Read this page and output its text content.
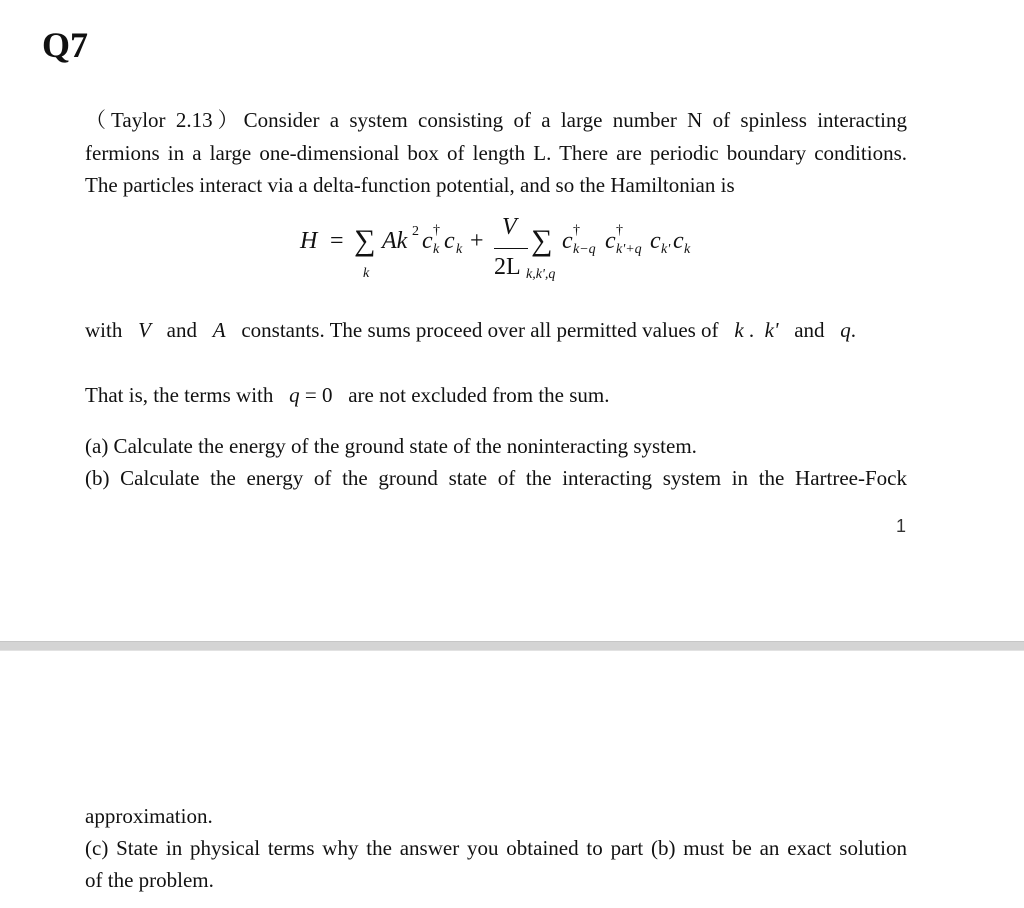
Q7
（Taylor 2.13）Consider a system consisting of a large number N of spinless interacting
fermions in a large one-dimensional box of length L. There are periodic boundary conditions.
The particles interact via a delta-function potential, and so the Hamiltonian is
H = ∑
k
Ak 2 c †
k c k +
V
2L
∑
k,k',q
c †
k−q c †
k'+q c k' c k
with V and A constants. The sums proceed over all permitted values of k . k' and q.
That is, the terms with q = 0 are not excluded from the sum.
(a) Calculate the energy of the ground state of the noninteracting system.
(b) Calculate the energy of the ground state of the interacting system in the Hartree-Fock
1
approximation.
(c) State in physical terms why the answer you obtained to part (b) must be an exact solution
of the problem.
